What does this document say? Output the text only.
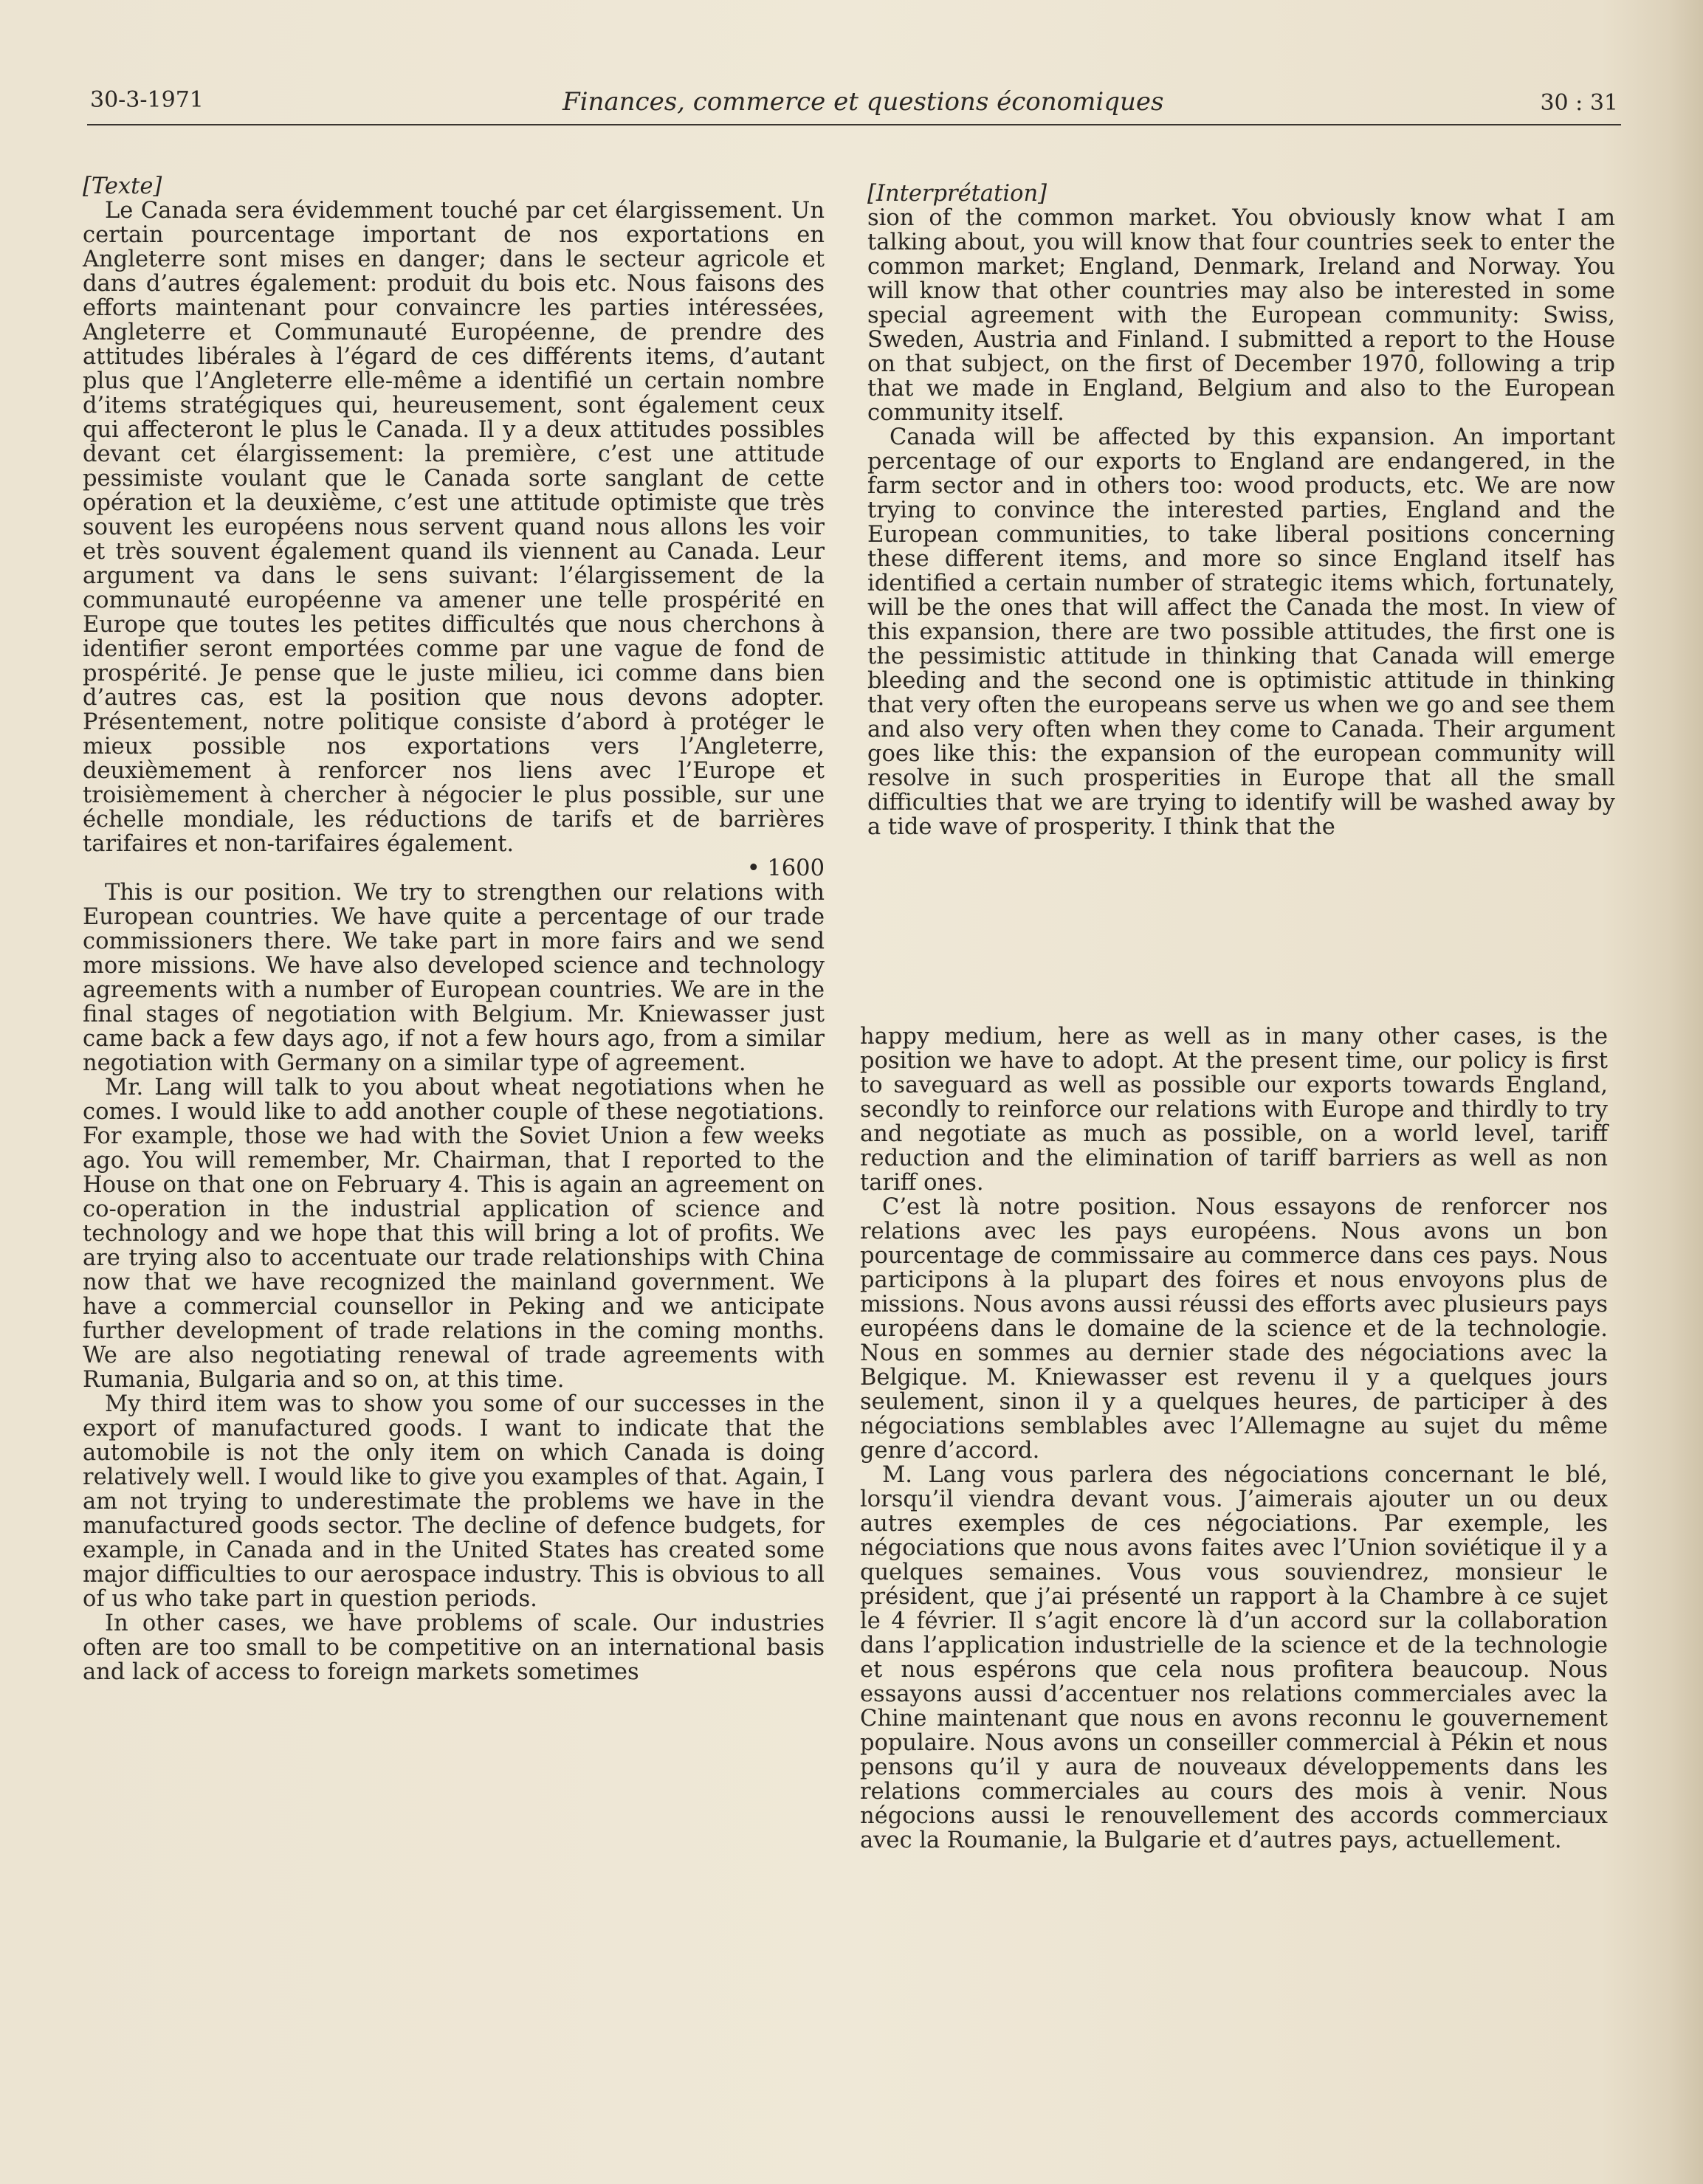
30-3-1971	Finances, commerce et questions économiques	30 : 31

[Texte]

Le Canada sera évidemment touché par cet élargissement. Un certain pourcentage important de nos exportations en Angleterre sont mises en danger; dans le secteur agricole et dans d’autres également: produit du bois etc. Nous faisons des efforts maintenant pour convaincre les parties intéressées, Angleterre et Communauté Européenne, de prendre des attitudes libérales à l’égard de ces différents items, d’autant plus que l’Angleterre elle-même a identifié un certain nombre d’items stratégiques qui, heureusement, sont également ceux qui affecteront le plus le Canada. Il y a deux attitudes possibles devant cet élargissement: la première, c’est une attitude pessimiste voulant que le Canada sorte sanglant de cette opération et la deuxième, c’est une attitude optimiste que très souvent les européens nous servent quand nous allons les voir et très souvent également quand ils viennent au Canada. Leur argument va dans le sens suivant: l’élargissement de la communauté européenne va amener une telle prospérité en Europe que toutes les petites difficultés que nous cherchons à identifier seront emportées comme par une vague de fond de prospérité. Je pense que le juste milieu, ici comme dans bien d’autres cas, est la position que nous devons adopter. Présentement, notre politique consiste d’abord à protéger le mieux possible nos exportations vers l’Angleterre, deuxièmement à renforcer nos liens avec l’Europe et troisièmement à chercher à négocier le plus possible, sur une échelle mondiale, les réductions de tarifs et de barrières tarifaires et non-tarifaires également.

• 1600

This is our position. We try to strengthen our relations with European countries. We have quite a percentage of our trade commissioners there. We take part in more fairs and we send more missions. We have also developed science and technology agreements with a number of European countries. We are in the final stages of negotiation with Belgium. Mr. Kniewasser just came back a few days ago, if not a few hours ago, from a similar negotiation with Germany on a similar type of agreement.

Mr. Lang will talk to you about wheat negotiations when he comes. I would like to add another couple of these negotiations. For example, those we had with the Soviet Union a few weeks ago. You will remember, Mr. Chairman, that I reported to the House on that one on February 4. This is again an agreement on co-operation in the industrial application of science and technology and we hope that this will bring a lot of profits. We are trying also to accentuate our trade relationships with China now that we have recognized the mainland government. We have a commercial counsellor in Peking and we anticipate further development of trade relations in the coming months. We are also negotiating renewal of trade agreements with Rumania, Bulgaria and so on, at this time.

My third item was to show you some of our successes in the export of manufactured goods. I want to indicate that the automobile is not the only item on which Canada is doing relatively well. I would like to give you examples of that. Again, I am not trying to underestimate the problems we have in the manufactured goods sector. The decline of defence budgets, for example, in Canada and in the United States has created some major difficulties to our aerospace industry. This is obvious to all of us who take part in question periods.

In other cases, we have problems of scale. Our industries often are too small to be competitive on an international basis and lack of access to foreign markets sometimes

[Interprétation]

sion of the common market. You obviously know what I am talking about, you will know that four countries seek to enter the common market; England, Denmark, Ireland and Norway. You will know that other countries may also be interested in some special agreement with the European community: Swiss, Sweden, Austria and Finland. I submitted a report to the House on that subject, on the first of December 1970, following a trip that we made in England, Belgium and also to the European community itself.

Canada will be affected by this expansion. An important percentage of our exports to England are endangered, in the farm sector and in others too: wood products, etc. We are now trying to convince the interested parties, England and the European communities, to take liberal positions concerning these different items, and more so since England itself has identified a certain number of strategic items which, fortunately, will be the ones that will affect the Canada the most. In view of this expansion, there are two possible attitudes, the first one is the pessimistic attitude in thinking that Canada will emerge bleeding and the second one is optimistic attitude in thinking that very often the europeans serve us when we go and see them and also very often when they come to Canada. Their argument goes like this: the expansion of the european community will resolve in such prosperities in Europe that all the small difficulties that we are trying to identify will be washed away by a tide wave of prosperity. I think that the

happy medium, here as well as in many other cases, is the position we have to adopt. At the present time, our policy is first to saveguard as well as possible our exports towards England, secondly to reinforce our relations with Europe and thirdly to try and negotiate as much as possible, on a world level, tariff reduction and the elimination of tariff barriers as well as non tariff ones.

C’est là notre position. Nous essayons de renforcer nos relations avec les pays européens. Nous avons un bon pourcentage de commissaire au commerce dans ces pays. Nous participons à la plupart des foires et nous envoyons plus de missions. Nous avons aussi réussi des efforts avec plusieurs pays européens dans le domaine de la science et de la technologie. Nous en sommes au dernier stade des négociations avec la Belgique. M. Kniewasser est revenu il y a quelques jours seulement, sinon il y a quelques heures, de participer à des négociations semblables avec l’Allemagne au sujet du même genre d’accord.

M. Lang vous parlera des négociations concernant le blé, lorsqu’il viendra devant vous. J’aimerais ajouter un ou deux autres exemples de ces négociations. Par exemple, les négociations que nous avons faites avec l’Union soviétique il y a quelques semaines. Vous vous souviendrez, monsieur le président, que j’ai présenté un rapport à la Chambre à ce sujet le 4 février. Il s’agit encore là d’un accord sur la collaboration dans l’application industrielle de la science et de la technologie et nous espérons que cela nous profitera beaucoup. Nous essayons aussi d’accentuer nos relations commerciales avec la Chine maintenant que nous en avons reconnu le gouvernement populaire. Nous avons un conseiller commercial à Pékin et nous pensons qu’il y aura de nouveaux développements dans les relations commerciales au cours des mois à venir. Nous négocions aussi le renouvellement des accords commerciaux avec la Roumanie, la Bulgarie et d’autres pays, actuellement.
